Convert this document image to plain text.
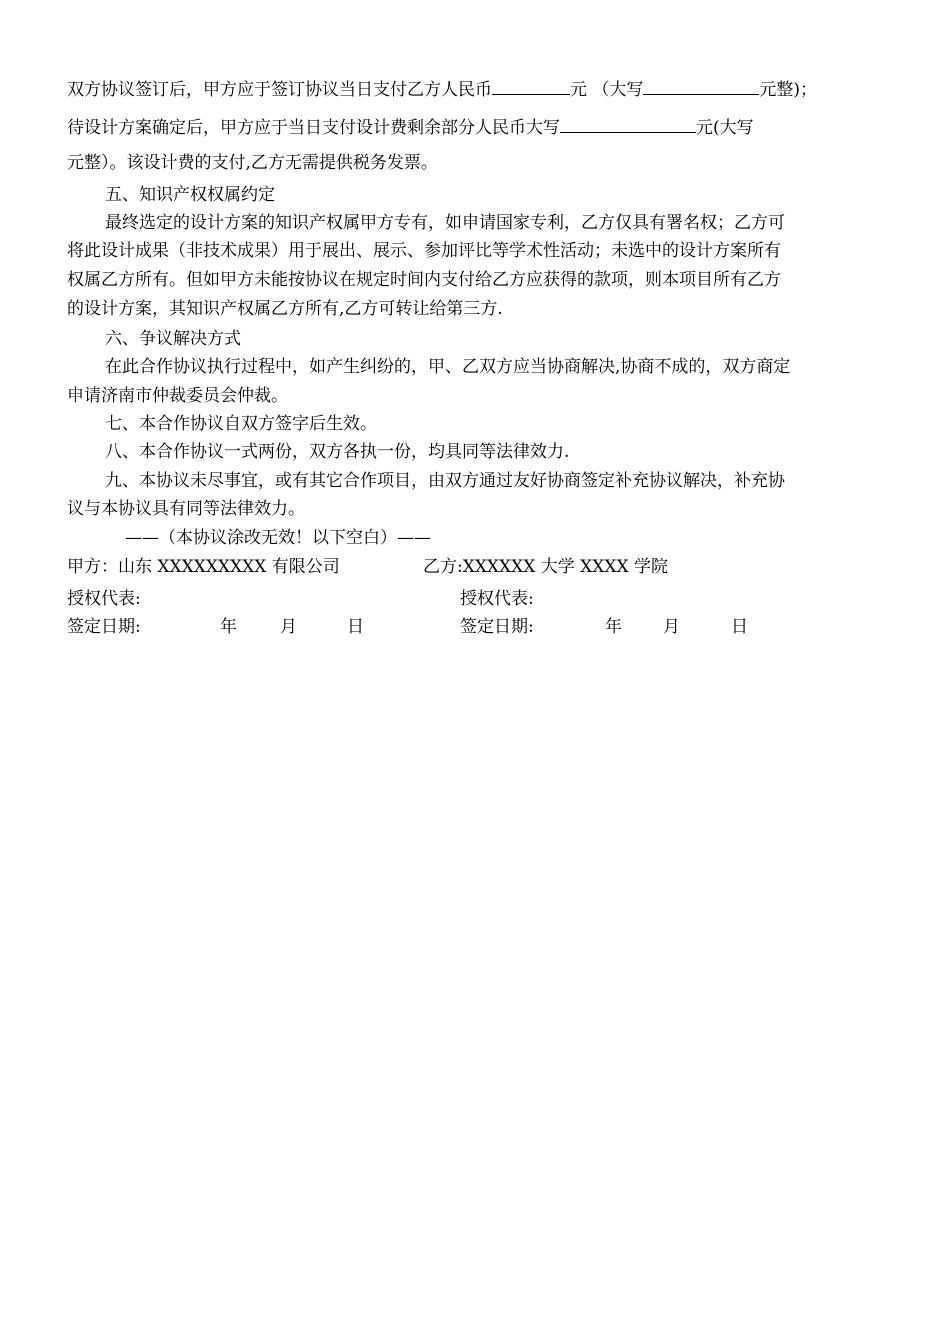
双方协议签订后，甲方应于签订协议当日支付乙方人民币	元 （大写	元整)；
待设计方案确定后，甲方应于当日支付设计费剩余部分人民币大写	元(大写
元整）。该设计费的支付,乙方无需提供税务发票。
五、知识产权权属约定
最终选定的设计方案的知识产权属甲方专有，如申请国家专利，乙方仅具有署名权；乙方可
将此设计成果（非技术成果）用于展出、展示、参加评比等学术性活动；未选中的设计方案所有
权属乙方所有。但如甲方未能按协议在规定时间内支付给乙方应获得的款项，则本项目所有乙方
的设计方案，其知识产权属乙方所有,乙方可转让给第三方.
六、争议解决方式
在此合作协议执行过程中，如产生纠纷的，甲、乙双方应当协商解决,协商不成的，双方商定
申请济南市仲裁委员会仲裁。
七、本合作协议自双方签字后生效。
八、本合作协议一式两份，双方各执一份，均具同等法律效力.
九、本协议未尽事宜，或有其它合作项目，由双方通过友好协商签定补充协议解决，补充协
议与本协议具有同等法律效力。
——（本协议涂改无效！以下空白）——
甲方：山东 XXXXXXXXX 有限公司	乙方:XXXXXX 大学 XXXX 学院
授权代表:	授权代表:
签定日期:	年	月	日	签定日期:	年 月	日
